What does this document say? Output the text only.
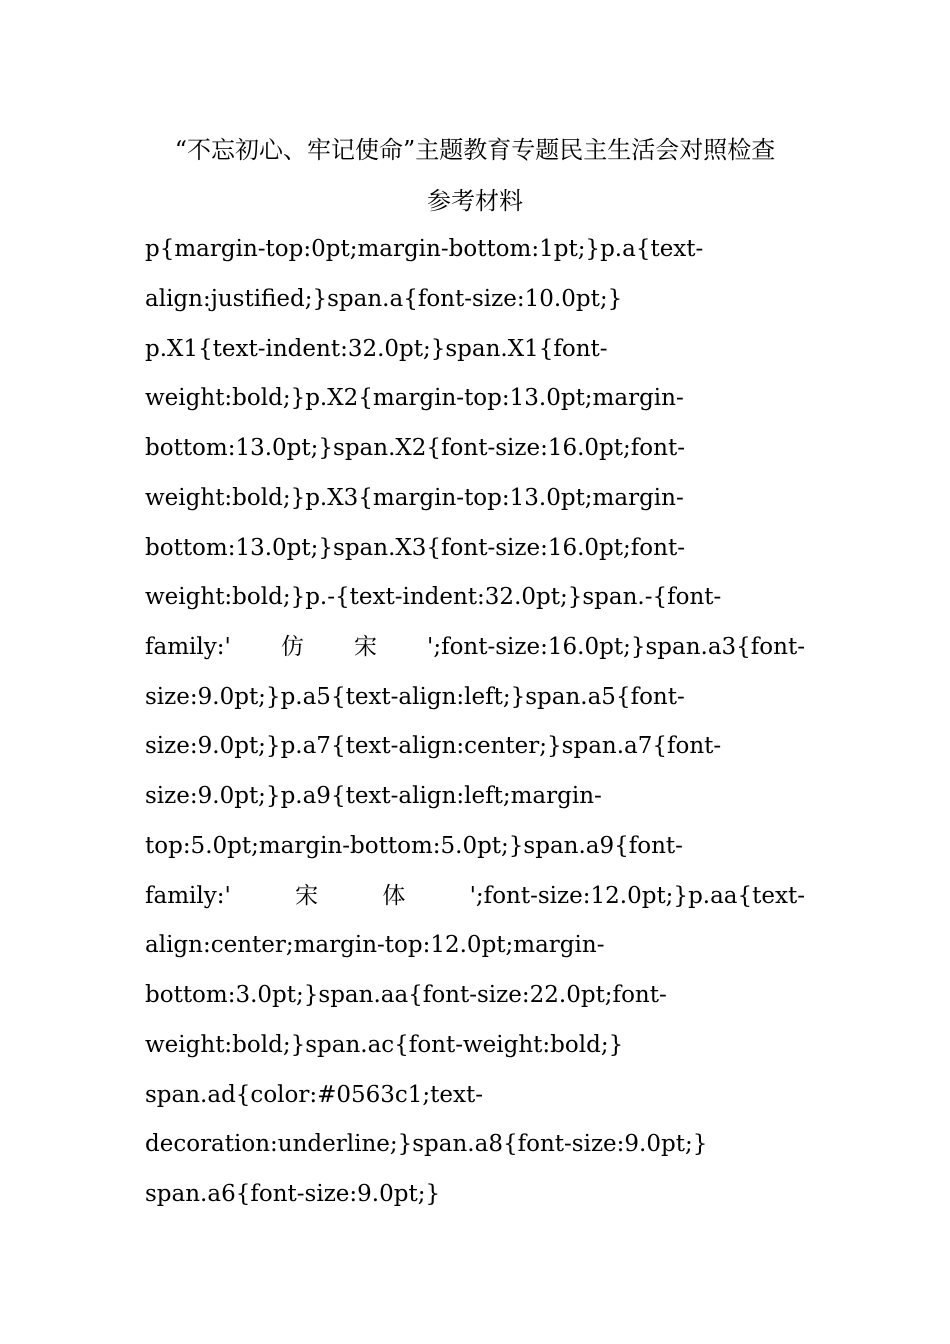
“不忘初心、牢记使命”主题教育专题民主生活会对照检查
参考材料
p{margin-top:0pt;margin-bottom:1pt;}p.a{text-
align:justified;}span.a{font-size:10.0pt;}
p.X1{text-indent:32.0pt;}span.X1{font-
weight:bold;}p.X2{margin-top:13.0pt;margin-
bottom:13.0pt;}span.X2{font-size:16.0pt;font-
weight:bold;}p.X3{margin-top:13.0pt;margin-
bottom:13.0pt;}span.X3{font-size:16.0pt;font-
weight:bold;}p.-{text-indent:32.0pt;}span.-{font-
family:' 仿 宋 ';font-size:16.0pt;}span.a3{font-
size:9.0pt;}p.a5{text-align:left;}span.a5{font-
size:9.0pt;}p.a7{text-align:center;}span.a7{font-
size:9.0pt;}p.a9{text-align:left;margin-
top:5.0pt;margin-bottom:5.0pt;}span.a9{font-
family:'	宋	体	';font-size:12.0pt;}p.aa{text-
align:center;margin-top:12.0pt;margin-
bottom:3.0pt;}span.aa{font-size:22.0pt;font-
weight:bold;}span.ac{font-weight:bold;}
span.ad{color:#0563c1;text-
decoration:underline;}span.a8{font-size:9.0pt;}
span.a6{font-size:9.0pt;}
